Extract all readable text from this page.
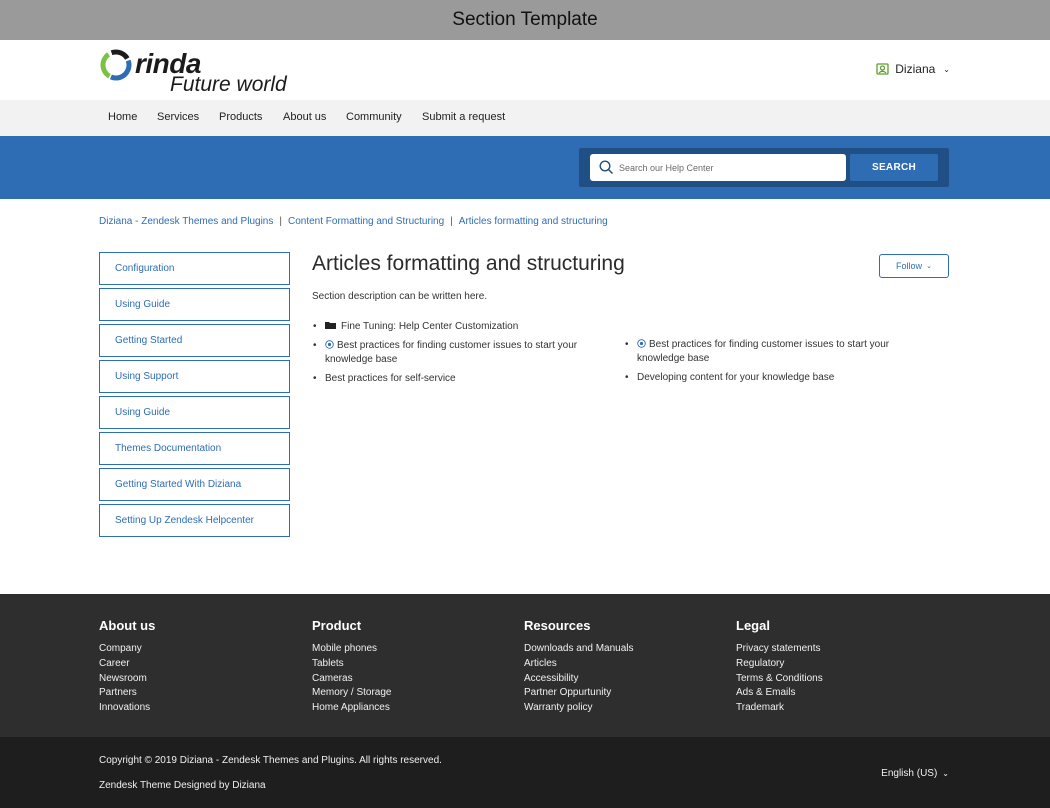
Section Template
rinda
Future world
Diziana ⌄
Home Services Products About us Community Submit a request
Search our Help Center
SEARCH
Diziana - Zendesk Themes and Plugins | Content Formatting and Structuring | Articles formatting and structuring
Configuration
Using Guide
Getting Started
Using Support
Using Guide
Themes Documentation
Getting Started With Diziana
Setting Up Zendesk Helpcenter
Articles formatting and structuring	Follow ⌄

Section description can be written here.

• Fine Tuning: Help Center Customization
• Best practices for finding customer issues to start your knowledge base
• Best practices for self-service
• Best practices for finding customer issues to start your knowledge base
• Developing content for your knowledge base
About us
Company
Career
Newsroom
Partners
Innovations
Product
Mobile phones
Tablets
Cameras
Memory / Storage
Home Appliances
Resources
Downloads and Manuals
Articles
Accessibility
Partner Oppurtunity
Warranty policy
Legal
Privacy statements
Regulatory
Terms & Conditions
Ads & Emails
Trademark
Copyright © 2019 Diziana - Zendesk Themes and Plugins. All rights reserved.
Zendesk Theme Designed by Diziana
English (US) ⌄
